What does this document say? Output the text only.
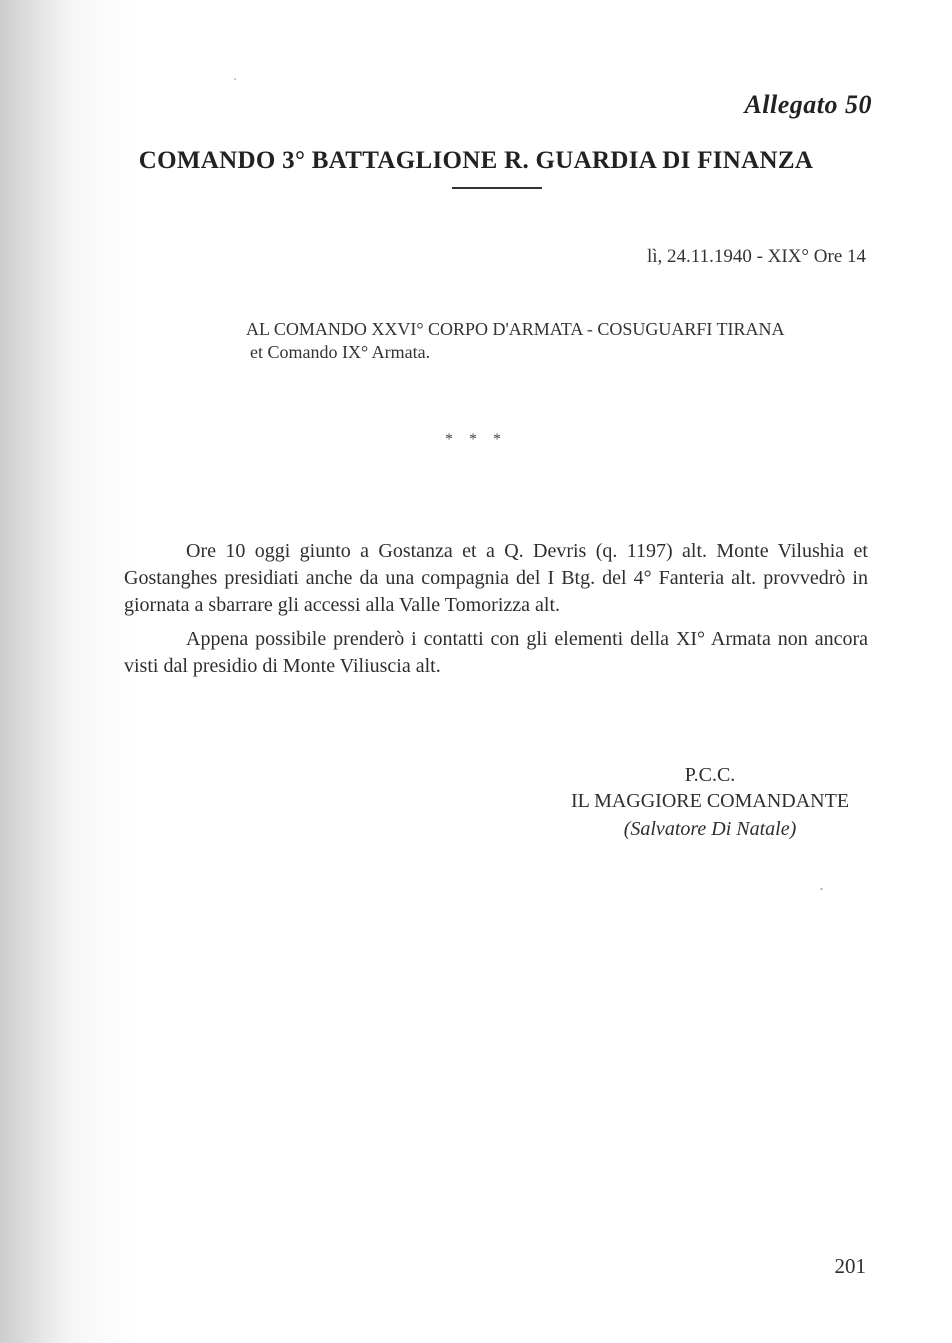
Allegato 50
COMANDO 3° BATTAGLIONE R. GUARDIA DI FINANZA
lì, 24.11.1940 - XIX° Ore 14
AL COMANDO XXVI° CORPO D'ARMATA - COSUGUARFI TIRANA
et Comando IX° Armata.
* * *

Ore 10 oggi giunto a Gostanza et a Q. Devris (q. 1197) alt. Monte Vilushia et Gostanghes presidiati anche da una compagnia del I Btg. del 4° Fanteria alt. provvedrò in giornata a sbarrare gli accessi alla Valle Tomorizza alt.

Appena possibile prenderò i contatti con gli elementi della XI° Armata non ancora visti dal presidio di Monte Viliuscia alt.

P.C.C.
IL MAGGIORE COMANDANTE
(Salvatore Di Natale)
201
